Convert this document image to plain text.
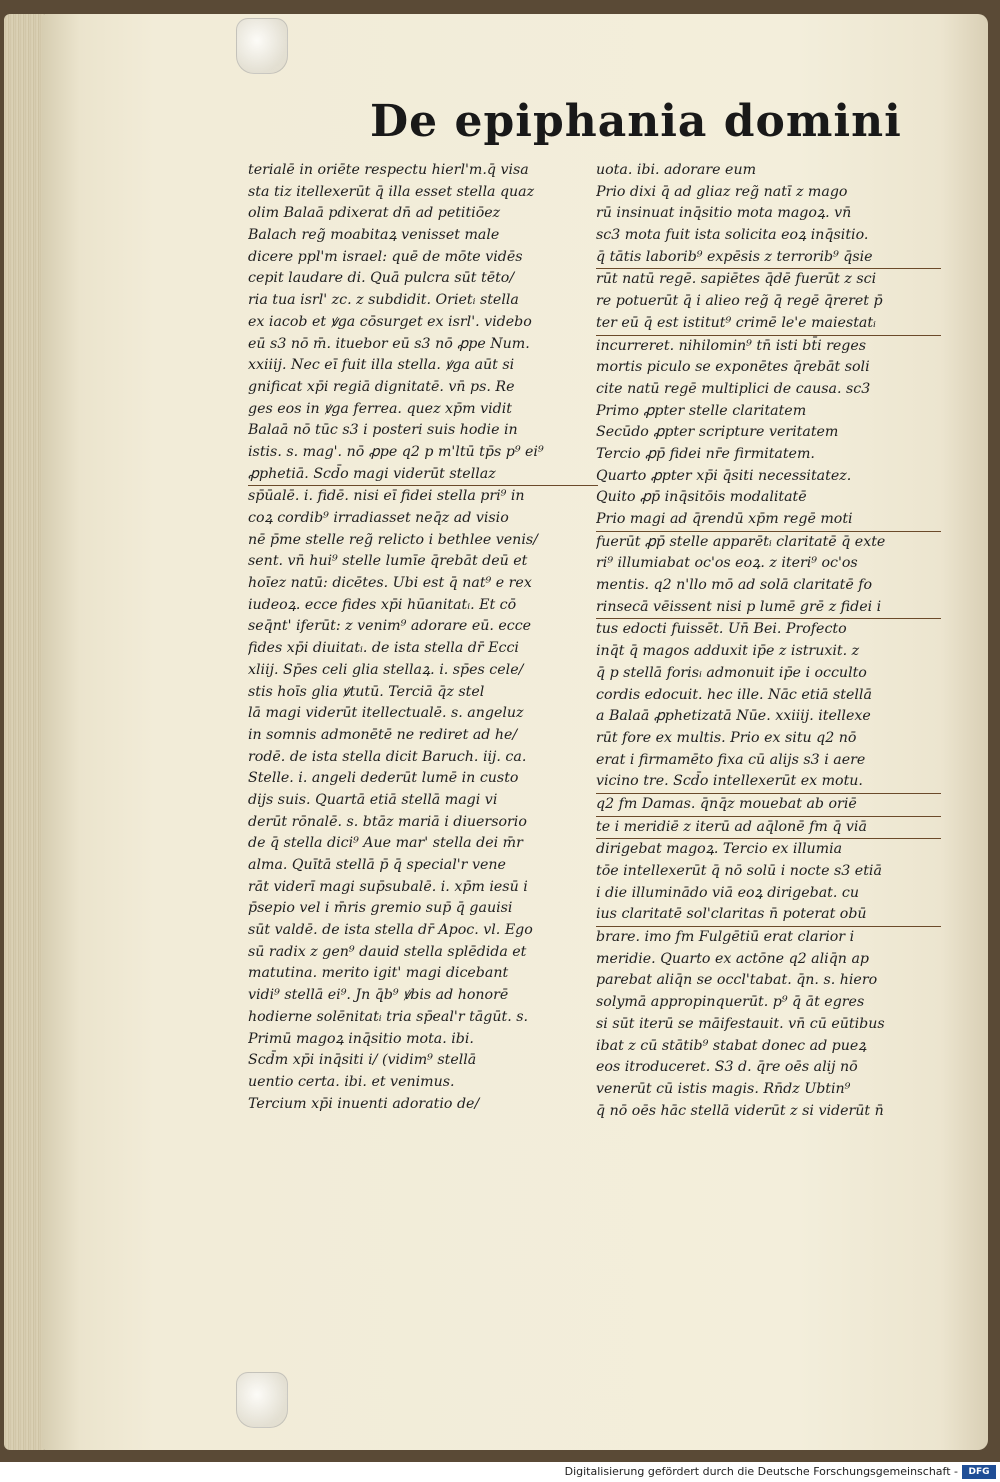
De epiphania domini
terialē in oriēte respectu hierl'm.q̄ visa
sta tiz itellexerūt q̄ illa esset stella quaz
olim Balaā pdixerat dn̄ ad petitiōez
Balach reg̃ moabitaꝝ venisset male
dicere ppl'm israel: quē de mōte vidēs
cepit laudare di. Quā pulcra sūt tēto/
ria tua isrl' zc. z subdidit. Orietᵢ stella
ex iacob et ꝟga cōsurget ex isrl'. videbo
eū s3 nō m̄. ituebor eū s3 nō ꝓpe Num.
xxiiij. Nec eī fuit illa stella. ꝟga aūt si
gnificat xp̄i regiā dignitatē. vn̄ ps. Re
ges eos in ꝟga ferrea. quez xp̄m vidit
Balaā nō tūc s3 i posteri suis hodie in
istis. s. mag'. nō ꝓpe q2 p m'ltū tp̄s p⁹ ei⁹
ꝓphetiā. Scd̄o magi viderūt stellaz
sp̄ūalē. i. fidē. nisi eī fidei stella pri⁹ in
coꝝ cordib⁹ irradiasset neq̄z ad visio
nē p̄me stelle reg̃ relicto i bethlee venis/
sent. vn̄ hui⁹ stelle lumīe q̄rebāt deū et
hoīez natū: dicētes. Ubi est q̄ nat⁹ e rex
iudeoꝝ. ecce fides xp̄i hūanitatᵢ. Et cō
seq̄nt' iferūt: z venim⁹ adorare eū. ecce
fides xp̄i diuitatᵢ. de ista stella dr̄ Ecci
xliij. Sp̄es celi glia stellaꝝ. i. sp̄es cele/
stis hoīs glia ꝟtutū. Terciā q̄z stel
lā magi viderūt itellectualē. s. angeluz
in somnis admonētē ne rediret ad he/
rodē. de ista stella dicit Baruch. iij. ca.
Stelle. i. angeli dederūt lumē in custo
dijs suis. Quartā etiā stellā magi vi
derūt rōnalē. s. btāz mariā i diuersorio
de q̄ stella dici⁹ Aue mar' stella dei m̄r
alma. Quītā stellā p̄ q̄ special'r vene
rāt viderī magi sup̄subalē. i. xp̄m iesū i
p̄sepio vel i m̄ris gremio sup̄ q̄ gauisi
sūt valdē. de ista stella dr̄ Apoc. vl. Ego
sū radix z gen⁹ dauid stella splēdida et
matutina. merito igit' magi dicebant
vidi⁹ stellā ei⁹. Jn q̄b⁹ ꝟbis ad honorē
hodierne solēnitatᵢ tria sp̄eal'r tāgūt. s.
Primū magoꝝ inq̄sitio mota. ibi.
Scd̄m xp̄i inq̄siti i/ (vidim⁹ stellā
uentio certa. ibi. et venimus.
Tercium xp̄i inuenti adoratio de/
uota. ibi. adorare eum
Prio dixi q̄ ad gliaz reg̃ natī z mago
rū insinuat inq̄sitio mota magoꝝ. vn̄
sc3 mota fuit ista solicita eoꝝ inq̄sitio.
q̄ tātis laborib⁹ expēsis z terrorib⁹ q̄sie
rūt natū regē. sapiētes q̄dē fuerūt z sci
re potuerūt q̄ i alieo reg̃ q̄ regē q̄reret p̄
ter eū q̄ est istitut⁹ crimē le'e maiestatᵢ
incurreret. nihilomin⁹ tn̄ isti bt̄i reges
mortis piculo se exponētes q̄rebāt soli
cite natū regē multiplici de causa. sc3
Primo ꝓpter stelle claritatem
Secūdo ꝓpter scripture veritatem
Tercio ꝓp̄ fidei nr̄e firmitatem.
Quarto ꝓpter xp̄i q̄siti necessitatez.
Quito ꝓp̄ inq̄sitōis modalitatē
Prio magi ad q̄rendū xp̄m regē moti
fuerūt ꝓp̄ stelle apparētᵢ claritatē q̄ exte
ri⁹ illumiabat oc'os eoꝝ. z iteri⁹ oc'os
mentis. q2 n'llo mō ad solā claritatē fo
rinsecā vēissent nisi p lumē grē z fidei i
tus edocti fuissēt. Un̄ Bei. Profecto
inq̄t q̄ magos adduxit ip̄e z istruxit. z
q̄ p stellā forisᵢ admonuit ip̄e i occulto
cordis edocuit. hec ille. Nāc etiā stellā
a Balaā ꝓphetizatā Nūe. xxiiij. itellexe
rūt fore ex multis. Prio ex situ q2 nō
erat i firmamēto fixa cū alijs s3 i aere
vicino tre. Scd̄o intellexerūt ex motu.
q2 fm Damas. q̄nq̄z mouebat ab oriē
te i meridiē z iterū ad aq̄lonē fm q̄ viā
dirigebat magoꝝ. Tercio ex illumia
tōe intellexerūt q̄ nō solū i nocte s3 etiā
i die illuminādo viā eoꝝ dirigebat. cu
ius claritatē sol'claritas n̄ poterat obū
brare. imo fm Fulgētiū erat clarior i
meridie. Quarto ex actōne q2 aliq̄n ap
parebat aliq̄n se occl'tabat. q̄n. s. hiero
solymā appropinquerūt. p⁹ q̄ āt egres
si sūt iterū se māifestauit. vn̄ cū eūtibus
ibat z cū stātib⁹ stabat donec ad pueꝝ
eos itroduceret. S3 d. q̄re oēs alij nō
venerūt cū istis magis. Rn̄dz Ubtin⁹
q̄ nō oēs hāc stellā viderūt z si viderūt n̄
Digitalisierung gefördert durch die Deutsche Forschungsgemeinschaft -	DFG
